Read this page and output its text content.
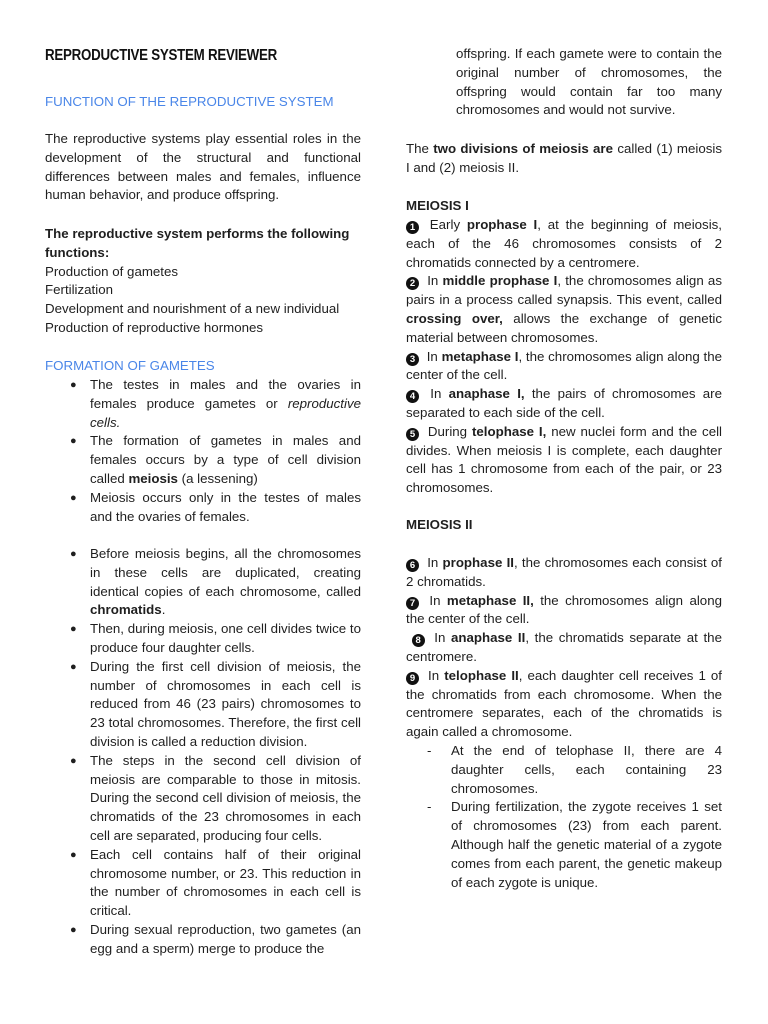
REPRODUCTIVE SYSTEM REVIEWER
FUNCTION OF THE REPRODUCTIVE SYSTEM
The reproductive systems play essential roles in the development of the structural and functional differences between males and females, influence human behavior, and produce offspring.
The reproductive system performs the following functions:
Production of gametes
Fertilization
Development and nourishment of a new individual
Production of reproductive hormones
FORMATION OF GAMETES
● The testes in males and the ovaries in females produce gametes or reproductive cells.
● The formation of gametes in males and females occurs by a type of cell division called meiosis (a lessening)
● Meiosis occurs only in the testes of males and the ovaries of females.
● Before meiosis begins, all the chromosomes in these cells are duplicated, creating identical copies of each chromosome, called chromatids.
● Then, during meiosis, one cell divides twice to produce four daughter cells.
● During the first cell division of meiosis, the number of chromosomes in each cell is reduced from 46 (23 pairs) chromosomes to 23 total chromosomes. Therefore, the first cell division is called a reduction division.
● The steps in the second cell division of meiosis are comparable to those in mitosis. During the second cell division of meiosis, the chromatids of the 23 chromosomes in each cell are separated, producing four cells.
● Each cell contains half of their original chromosome number, or 23. This reduction in the number of chromosomes in each cell is critical.
● During sexual reproduction, two gametes (an egg and a sperm) merge to produce the
offspring. If each gamete were to contain the original number of chromosomes, the offspring would contain far too many chromosomes and would not survive.
The two divisions of meiosis are called (1) meiosis I and (2) meiosis II.
MEIOSIS I
1 Early prophase I, at the beginning of meiosis, each of the 46 chromosomes consists of 2 chromatids connected by a centromere.
2 In middle prophase I, the chromosomes align as pairs in a process called synapsis. This event, called crossing over, allows the exchange of genetic material between chromosomes.
3 In metaphase I, the chromosomes align along the center of the cell.
4 In anaphase I, the pairs of chromosomes are separated to each side of the cell.
5 During telophase I, new nuclei form and the cell divides. When meiosis I is complete, each daughter cell has 1 chromosome from each of the pair, or 23 chromosomes.
MEIOSIS II
6 In prophase II, the chromosomes each consist of 2 chromatids.
7 In metaphase II, the chromosomes align along the center of the cell.
8 In anaphase II, the chromatids separate at the centromere.
9 In telophase II, each daughter cell receives 1 of the chromatids from each chromosome. When the centromere separates, each of the chromatids is again called a chromosome.
- At the end of telophase II, there are 4 daughter cells, each containing 23 chromosomes.
- During fertilization, the zygote receives 1 set of chromosomes (23) from each parent. Although half the genetic material of a zygote comes from each parent, the genetic makeup of each zygote is unique.
